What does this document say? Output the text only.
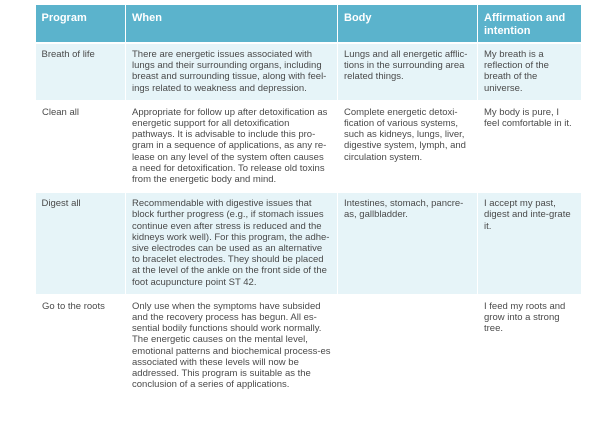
Program	When	Body	Affirmation and intention
Breath of life	There are energetic issues associated with lungs and their surrounding organs, including breast and surrounding tissue, along with feel-ings related to weakness and depression.	Lungs and all energetic afflic-tions in the surrounding area related things.	My breath is a reflection of the breath of the universe.
Clean all	Appropriate for follow up after detoxification as energetic support for all detoxification pathways. It is advisable to include this pro-gram in a sequence of applications, as any re-lease on any level of the system often causes a need for detoxification. To release old toxins from the energetic body and mind.	Complete energetic detoxi-fication of various systems, such as kidneys, lungs, liver, digestive system, lymph, and circulation system.	My body is pure, I feel comfortable in it.
Digest all	Recommendable with digestive issues that block further progress (e.g., if stomach issues continue even after stress is reduced and the kidneys work well). For this program, the adhe-sive electrodes can be used as an alternative to bracelet electrodes. They should be placed at the level of the ankle on the front side of the foot acupuncture point ST 42.	Intestines, stomach, pancre-as, gallbladder.	I accept my past, digest and inte-grate it.
Go to the roots	Only use when the symptoms have subsided and the recovery process has begun. All es-sential bodily functions should work normally. The energetic causes on the mental level, emotional patterns and biochemical process-es associated with these levels will now be addressed. This program is suitable as the conclusion of a series of applications.		I feed my roots and grow into a strong tree.
